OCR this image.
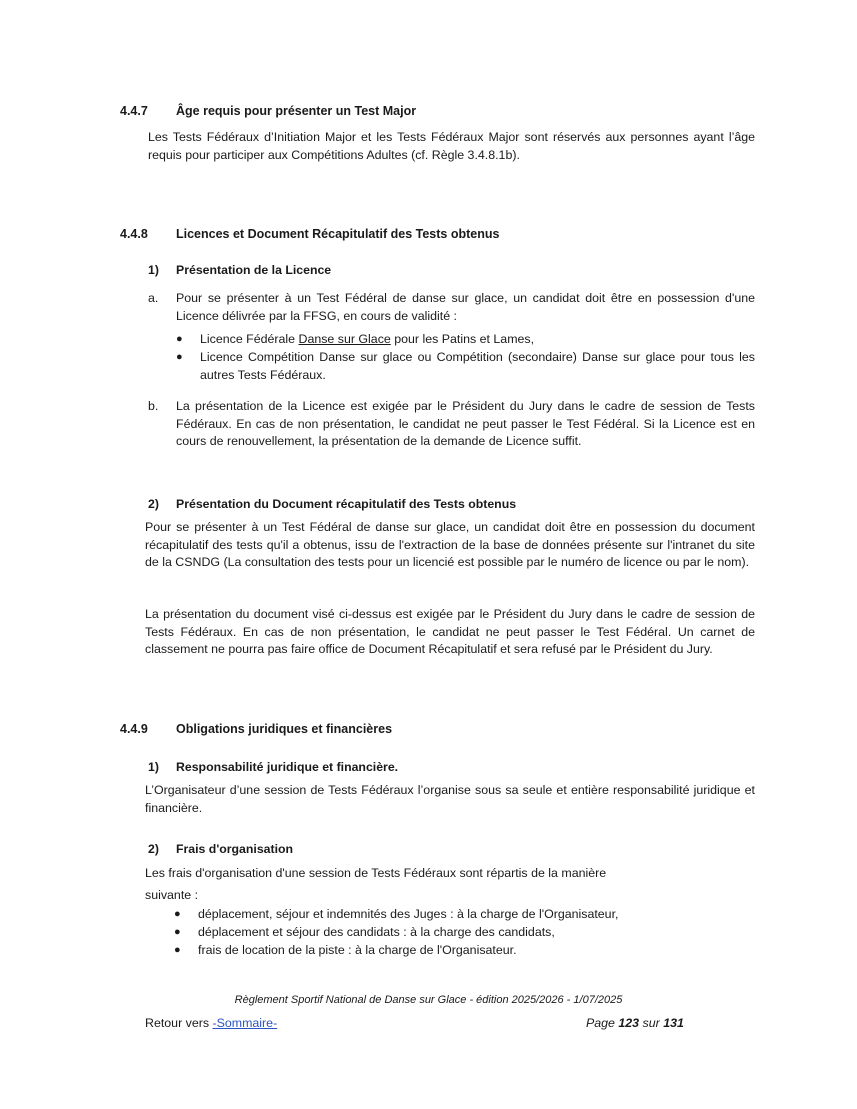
4.4.7 Âge requis pour présenter un Test Major
Les Tests Fédéraux d’Initiation Major et les Tests Fédéraux Major sont réservés aux personnes ayant l’âge requis pour participer aux Compétitions Adultes (cf. Règle 3.4.8.1b).
4.4.8 Licences et Document Récapitulatif des Tests obtenus
1) Présentation de la Licence
a. Pour se présenter à un Test Fédéral de danse sur glace, un candidat doit être en possession d'une Licence délivrée par la FFSG, en cours de validité :
● Licence Fédérale Danse sur Glace pour les Patins et Lames,
● Licence Compétition Danse sur glace ou Compétition (secondaire) Danse sur glace pour tous les autres Tests Fédéraux.
b. La présentation de la Licence est exigée par le Président du Jury dans le cadre de session de Tests Fédéraux. En cas de non présentation, le candidat ne peut passer le Test Fédéral. Si la Licence est en cours de renouvellement, la présentation de la demande de Licence suffit.
2) Présentation du Document récapitulatif des Tests obtenus
Pour se présenter à un Test Fédéral de danse sur glace, un candidat doit être en possession du document récapitulatif des tests qu'il a obtenus, issu de l'extraction de la base de données présente sur l'intranet du site de la CSNDG (La consultation des tests pour un licencié est possible par le numéro de licence ou par le nom).
La présentation du document visé ci-dessus est exigée par le Président du Jury dans le cadre de session de Tests Fédéraux. En cas de non présentation, le candidat ne peut passer le Test Fédéral. Un carnet de classement ne pourra pas faire office de Document Récapitulatif et sera refusé par le Président du Jury.
4.4.9 Obligations juridiques et financières
1) Responsabilité juridique et financière.
L’Organisateur d’une session de Tests Fédéraux l’organise sous sa seule et entière responsabilité juridique et financière.
2) Frais d'organisation
Les frais d'organisation d'une session de Tests Fédéraux sont répartis de la manière
suivante :
● déplacement, séjour et indemnités des Juges : à la charge de l'Organisateur,
● déplacement et séjour des candidats : à la charge des candidats,
● frais de location de la piste : à la charge de l'Organisateur.
Règlement Sportif National de Danse sur Glace - édition 2025/2026 - 1/07/2025
Retour vers -Sommaire-	Page 123 sur 131
